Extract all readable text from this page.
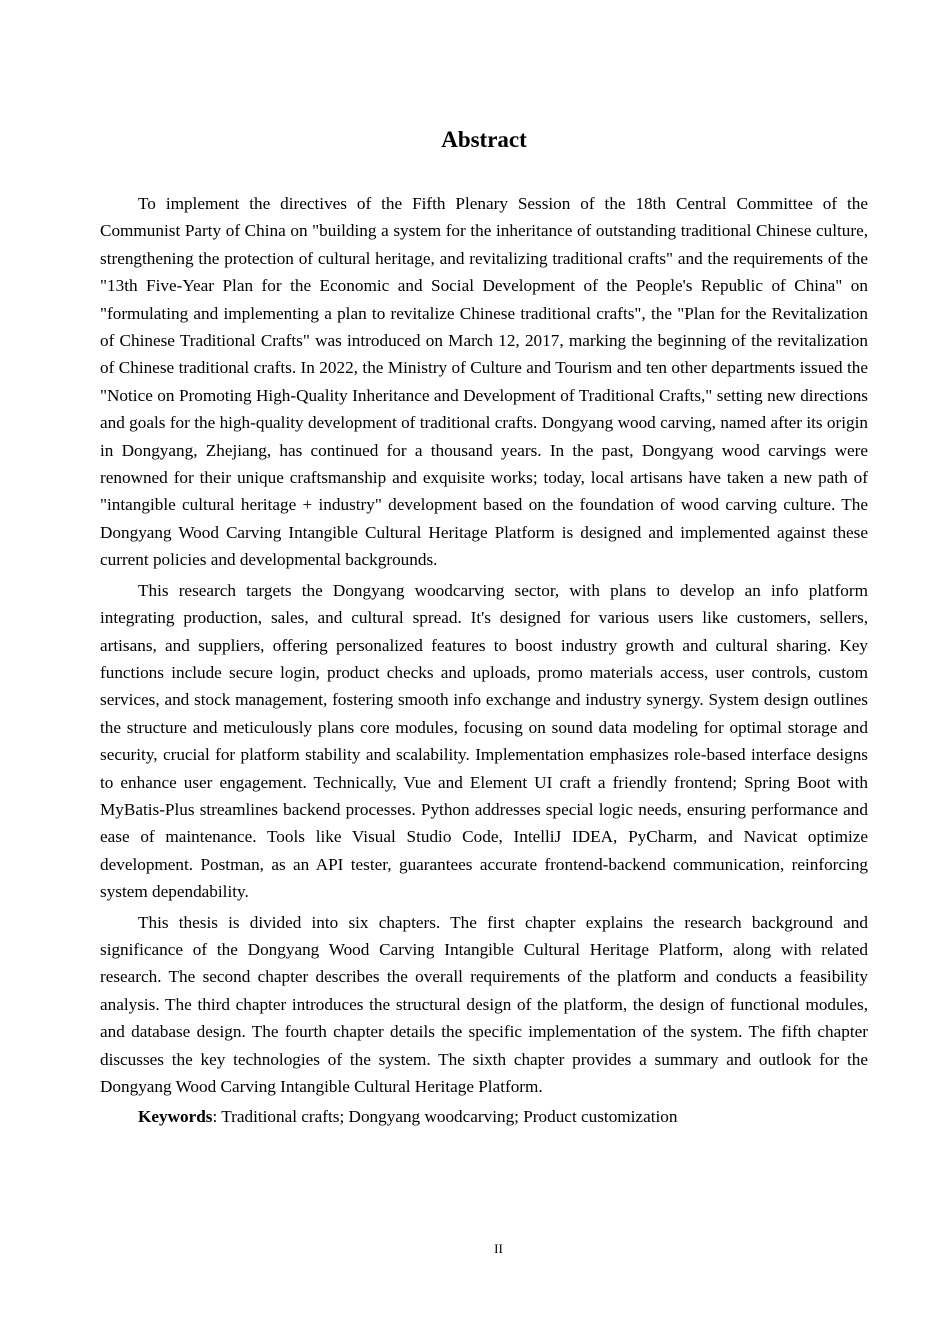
Abstract

To implement the directives of the Fifth Plenary Session of the 18th Central Committee of the Communist Party of China on "building a system for the inheritance of outstanding traditional Chinese culture, strengthening the protection of cultural heritage, and revitalizing traditional crafts" and the requirements of the "13th Five-Year Plan for the Economic and Social Development of the People's Republic of China" on "formulating and implementing a plan to revitalize Chinese traditional crafts", the "Plan for the Revitalization of Chinese Traditional Crafts" was introduced on March 12, 2017, marking the beginning of the revitalization of Chinese traditional crafts. In 2022, the Ministry of Culture and Tourism and ten other departments issued the "Notice on Promoting High-Quality Inheritance and Development of Traditional Crafts," setting new directions and goals for the high-quality development of traditional crafts. Dongyang wood carving, named after its origin in Dongyang, Zhejiang, has continued for a thousand years. In the past, Dongyang wood carvings were renowned for their unique craftsmanship and exquisite works; today, local artisans have taken a new path of "intangible cultural heritage + industry" development based on the foundation of wood carving culture. The Dongyang Wood Carving Intangible Cultural Heritage Platform is designed and implemented against these current policies and developmental backgrounds.

This research targets the Dongyang woodcarving sector, with plans to develop an info platform integrating production, sales, and cultural spread. It's designed for various users like customers, sellers, artisans, and suppliers, offering personalized features to boost industry growth and cultural sharing. Key functions include secure login, product checks and uploads, promo materials access, user controls, custom services, and stock management, fostering smooth info exchange and industry synergy. System design outlines the structure and meticulously plans core modules, focusing on sound data modeling for optimal storage and security, crucial for platform stability and scalability. Implementation emphasizes role-based interface designs to enhance user engagement. Technically, Vue and Element UI craft a friendly frontend; Spring Boot with MyBatis-Plus streamlines backend processes. Python addresses special logic needs, ensuring performance and ease of maintenance. Tools like Visual Studio Code, IntelliJ IDEA, PyCharm, and Navicat optimize development. Postman, as an API tester, guarantees accurate frontend-backend communication, reinforcing system dependability.

This thesis is divided into six chapters. The first chapter explains the research background and significance of the Dongyang Wood Carving Intangible Cultural Heritage Platform, along with related research. The second chapter describes the overall requirements of the platform and conducts a feasibility analysis. The third chapter introduces the structural design of the platform, the design of functional modules, and database design. The fourth chapter details the specific implementation of the system. The fifth chapter discusses the key technologies of the system. The sixth chapter provides a summary and outlook for the Dongyang Wood Carving Intangible Cultural Heritage Platform.

Keywords: Traditional crafts; Dongyang woodcarving; Product customization

II
